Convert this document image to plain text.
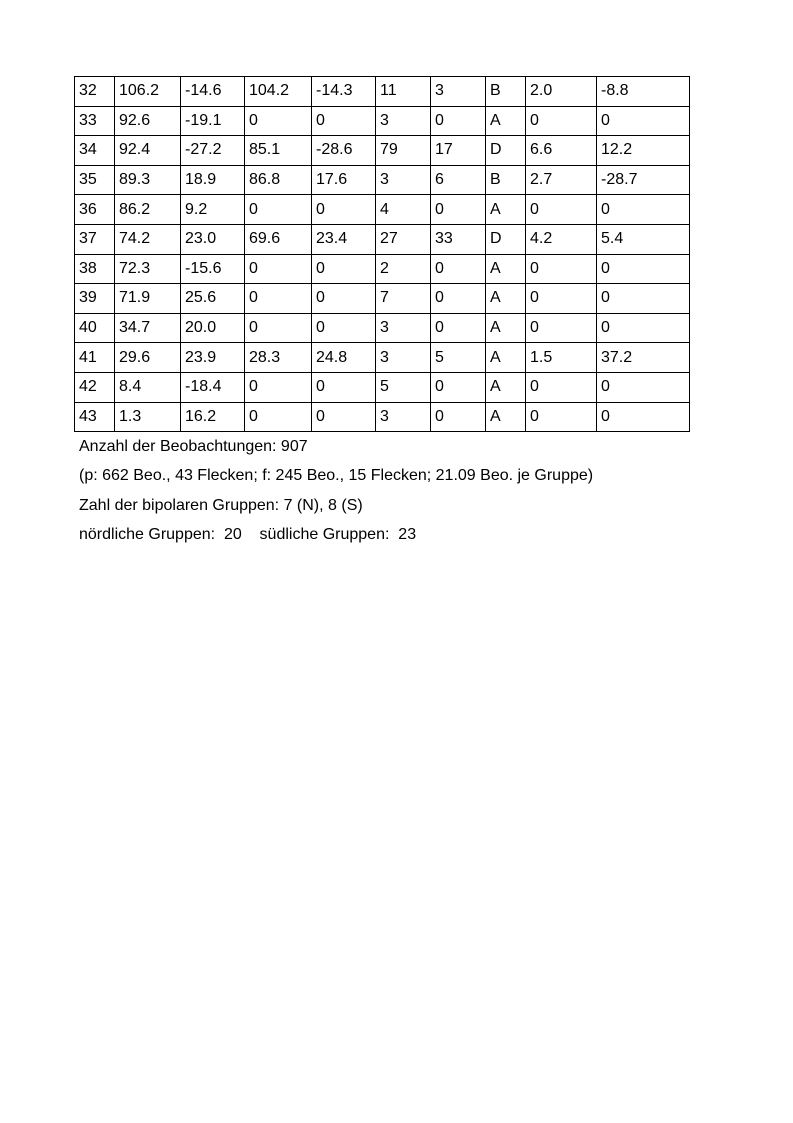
32	106.2	-14.6	104.2	-14.3	11	3	B	2.0	-8.8
33	92.6	-19.1	0	0	3	0	A	0	0
34	92.4	-27.2	85.1	-28.6	79	17	D	6.6	12.2
35	89.3	18.9	86.8	17.6	3	6	B	2.7	-28.7
36	86.2	9.2	0	0	4	0	A	0	0
37	74.2	23.0	69.6	23.4	27	33	D	4.2	5.4
38	72.3	-15.6	0	0	2	0	A	0	0
39	71.9	25.6	0	0	7	0	A	0	0
40	34.7	20.0	0	0	3	0	A	0	0
41	29.6	23.9	28.3	24.8	3	5	A	1.5	37.2
42	8.4	-18.4	0	0	5	0	A	0	0
43	1.3	16.2	0	0	3	0	A	0	0
Anzahl der Beobachtungen: 907
(p: 662 Beo., 43 Flecken; f: 245 Beo., 15 Flecken; 21.09 Beo. je Gruppe)
Zahl der bipolaren Gruppen: 7 (N), 8 (S)
nördliche Gruppen:  20    südliche Gruppen:  23
